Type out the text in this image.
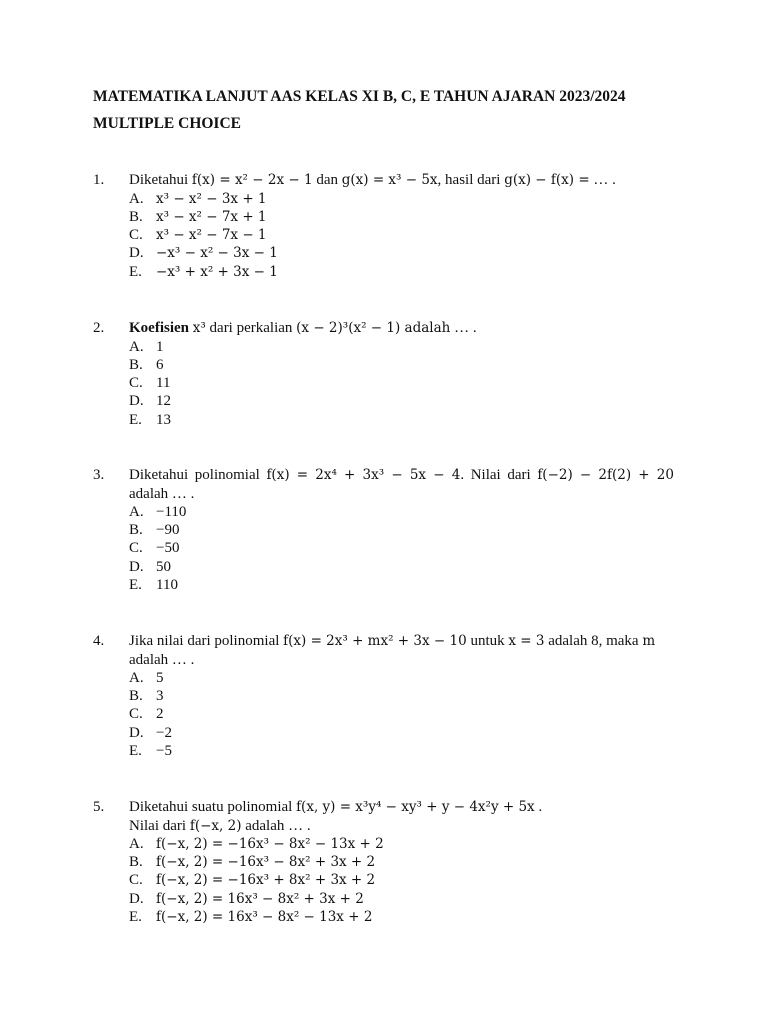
MATEMATIKA LANJUT AAS KELAS XI B, C, E TAHUN AJARAN 2023/2024
MULTIPLE CHOICE
1. Diketahui f(x) = x² − 2x − 1 dan g(x) = x³ − 5x, hasil dari g(x) − f(x) = … .
A. x³ − x² − 3x + 1
B. x³ − x² − 7x + 1
C. x³ − x² − 7x − 1
D. −x³ − x² − 3x − 1
E. −x³ + x² + 3x − 1
2. Koefisien x³ dari perkalian (x − 2)³(x² − 1) adalah … .
A. 1
B. 6
C. 11
D. 12
E. 13
3. Diketahui polinomial f(x) = 2x⁴ + 3x³ − 5x − 4. Nilai dari f(−2) − 2f(2) + 20
adalah … .
A. −110
B. −90
C. −50
D. 50
E. 110
4. Jika nilai dari polinomial f(x) = 2x³ + mx² + 3x − 10 untuk x = 3 adalah 8, maka m
adalah … .
A. 5
B. 3
C. 2
D. −2
E. −5
5. Diketahui suatu polinomial f(x, y) = x³y⁴ − xy³ + y − 4x²y + 5x .
Nilai dari f(−x, 2) adalah … .
A. f(−x, 2) = −16x³ − 8x² − 13x + 2
B. f(−x, 2) = −16x³ − 8x² + 3x + 2
C. f(−x, 2) = −16x³ + 8x² + 3x + 2
D. f(−x, 2) = 16x³ − 8x² + 3x + 2
E. f(−x, 2) = 16x³ − 8x² − 13x + 2
